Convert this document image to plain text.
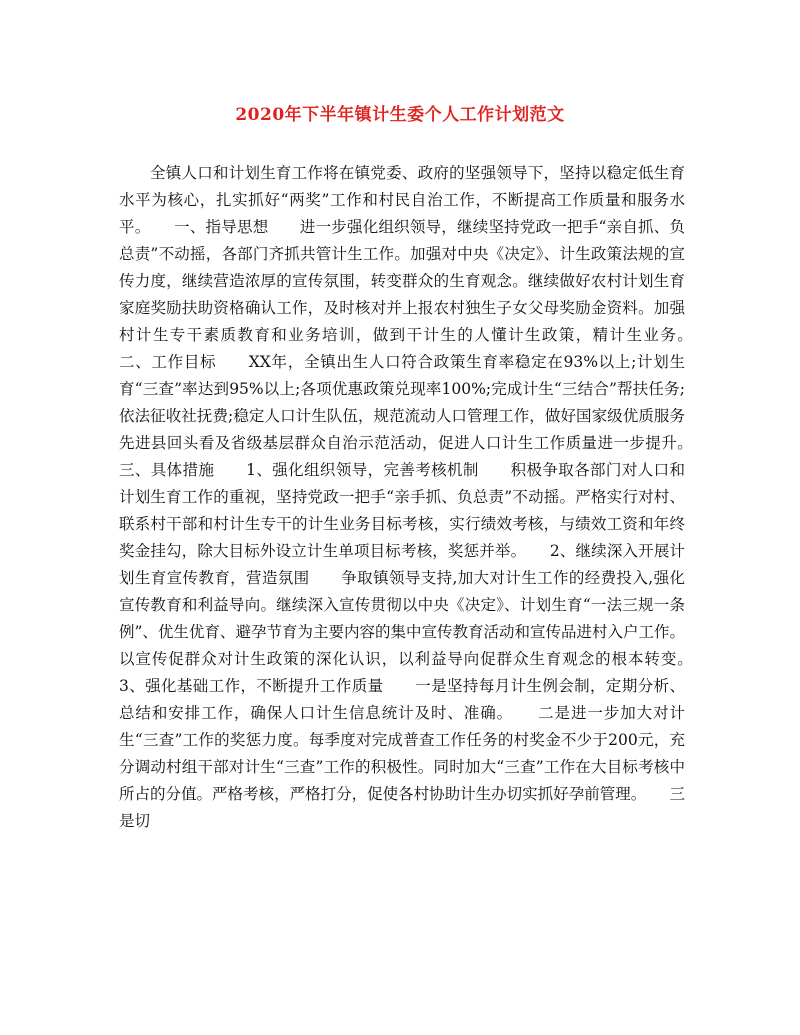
2020年下半年镇计生委个人工作计划范文

全镇人口和计划生育工作将在镇党委、政府的坚强领导下，坚持以稳定低生育水平为核心，扎实抓好“两奖”工作和村民自治工作，不断提高工作质量和服务水平。　　一、指导思想　　进一步强化组织领导，继续坚持党政一把手“亲自抓、负总责”不动摇，各部门齐抓共管计生工作。加强对中央《决定》、计生政策法规的宣传力度，继续营造浓厚的宣传氛围，转变群众的生育观念。继续做好农村计划生育家庭奖励扶助资格确认工作，及时核对并上报农村独生子女父母奖励金资料。加强村计生专干素质教育和业务培训，做到干计生的人懂计生政策，精计生业务。　　二、工作目标　　XX年，全镇出生人口符合政策生育率稳定在93%以上;计划生育“三查”率达到95%以上;各项优惠政策兑现率100%;完成计生“三结合”帮扶任务;依法征收社抚费;稳定人口计生队伍，规范流动人口管理工作，做好国家级优质服务先进县回头看及省级基层群众自治示范活动，促进人口计生工作质量进一步提升。　　三、具体措施　　1、强化组织领导，完善考核机制　　积极争取各部门对人口和计划生育工作的重视，坚持党政一把手“亲手抓、负总责”不动摇。严格实行对村、联系村干部和村计生专干的计生业务目标考核，实行绩效考核，与绩效工资和年终奖金挂勾，除大目标外设立计生单项目标考核，奖惩并举。　　2、继续深入开展计划生育宣传教育，营造氛围　　争取镇领导支持,加大对计生工作的经费投入,强化宣传教育和利益导向。继续深入宣传贯彻以中央《决定》、计划生育“一法三规一条例”、优生优育、避孕节育为主要内容的集中宣传教育活动和宣传品进村入户工作。以宣传促群众对计生政策的深化认识，以利益导向促群众生育观念的根本转变。　　3、强化基础工作，不断提升工作质量　　一是坚持每月计生例会制，定期分析、总结和安排工作，确保人口计生信息统计及时、准确。　　二是进一步加大对计生“三查”工作的奖惩力度。每季度对完成普查工作任务的村奖金不少于200元，充分调动村组干部对计生“三查”工作的积极性。同时加大“三查”工作在大目标考核中所占的分值。严格考核，严格打分，促使各村协助计生办切实抓好孕前管理。　　三是切
